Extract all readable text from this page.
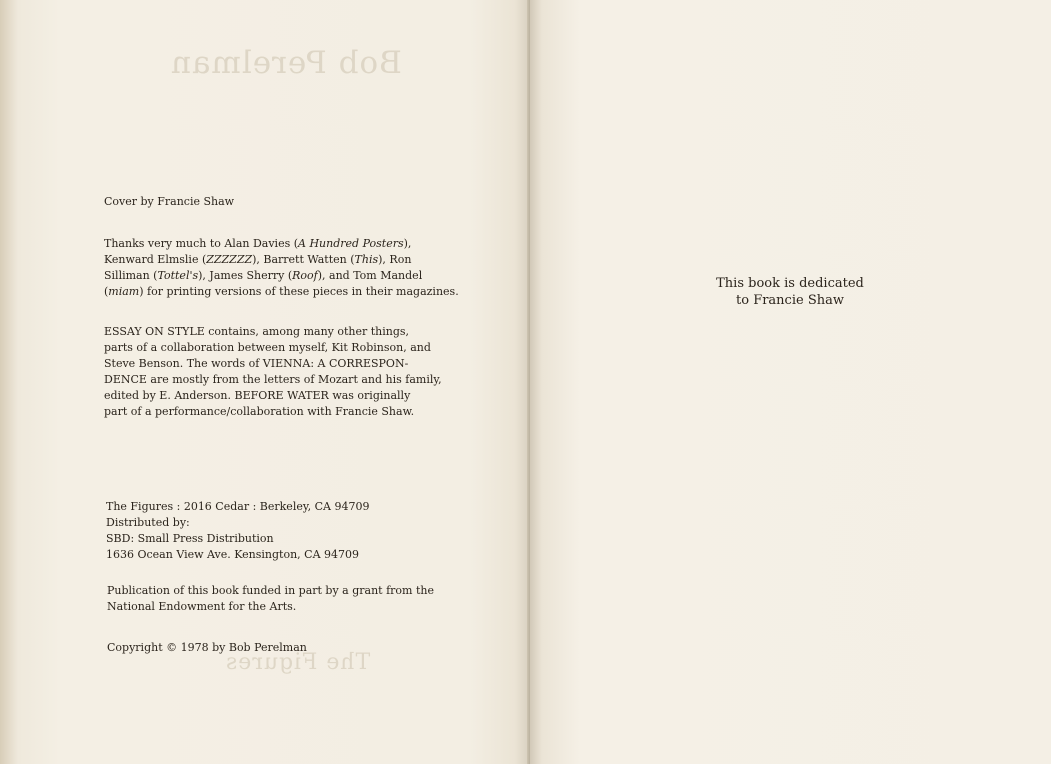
Bob Perelman
The Figures

Cover by Francie Shaw

Thanks very much to Alan Davies (A Hundred Posters),

Kenward Elmslie (ZZZZZZ), Barrett Watten (This), Ron

Silliman (Tottel's), James Sherry (Roof), and Tom Mandel

(miam) for printing versions of these pieces in their magazines.

ESSAY ON STYLE contains, among many other things,

parts of a collaboration between myself, Kit Robinson, and

Steve Benson. The words of VIENNA: A CORRESPON-

DENCE are mostly from the letters of Mozart and his family,

edited by E. Anderson. BEFORE WATER was originally

part of a performance/collaboration with Francie Shaw.

The Figures : 2016 Cedar : Berkeley, CA 94709

Distributed by:

SBD: Small Press Distribution

1636 Ocean View Ave. Kensington, CA 94709

Publication of this book funded in part by a grant from the

National Endowment for the Arts.

Copyright © 1978 by Bob Perelman

This book is dedicated

to Francie Shaw
